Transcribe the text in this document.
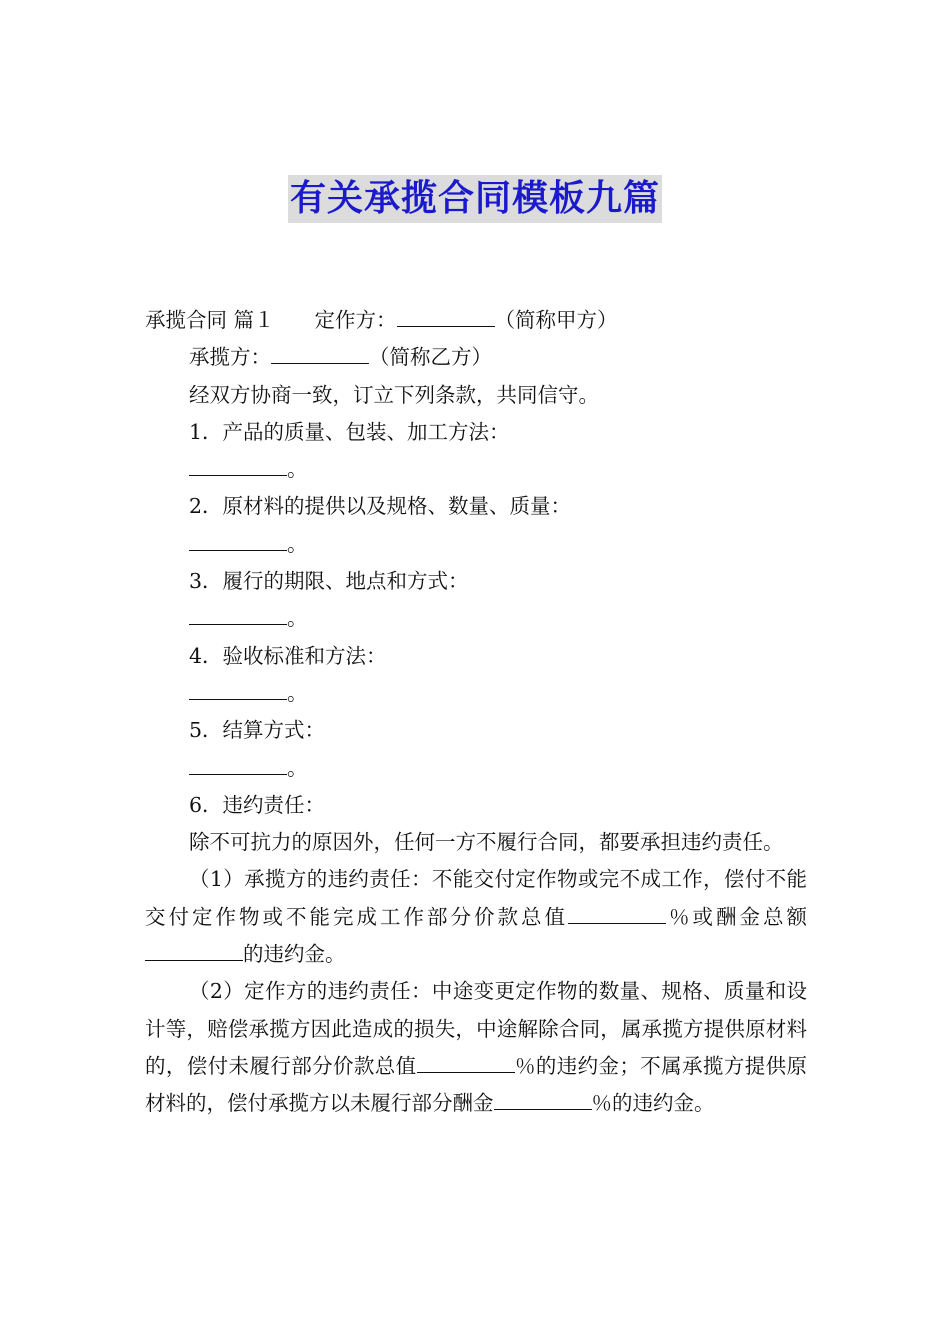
有关承揽合同模板九篇

承揽合同 篇１ 定作方：	（简称甲方）

承揽方：	（简称乙方）

经双方协商一致，订立下列条款，共同信守。

1．产品的质量、包装、加工方法：

。

2．原材料的提供以及规格、数量、质量：

。

3．履行的期限、地点和方式：

。

4．验收标准和方法：

。

5．结算方式：

。

6．违约责任：

除不可抗力的原因外，任何一方不履行合同，都要承担违约责任。

（1）承揽方的违约责任：不能交付定作物或完不成工作，偿付不能交付定作物或不能完成工作部分价款总值	％或酬金总额的违约金。

（2）定作方的违约责任：中途变更定作物的数量、规格、质量和设计等，赔偿承揽方因此造成的损失，中途解除合同，属承揽方提供原材料的，偿付未履行部分价款总值	％的违约金；不属承揽方提供原材料的，偿付承揽方以未履行部分酬金	％的违约金。
